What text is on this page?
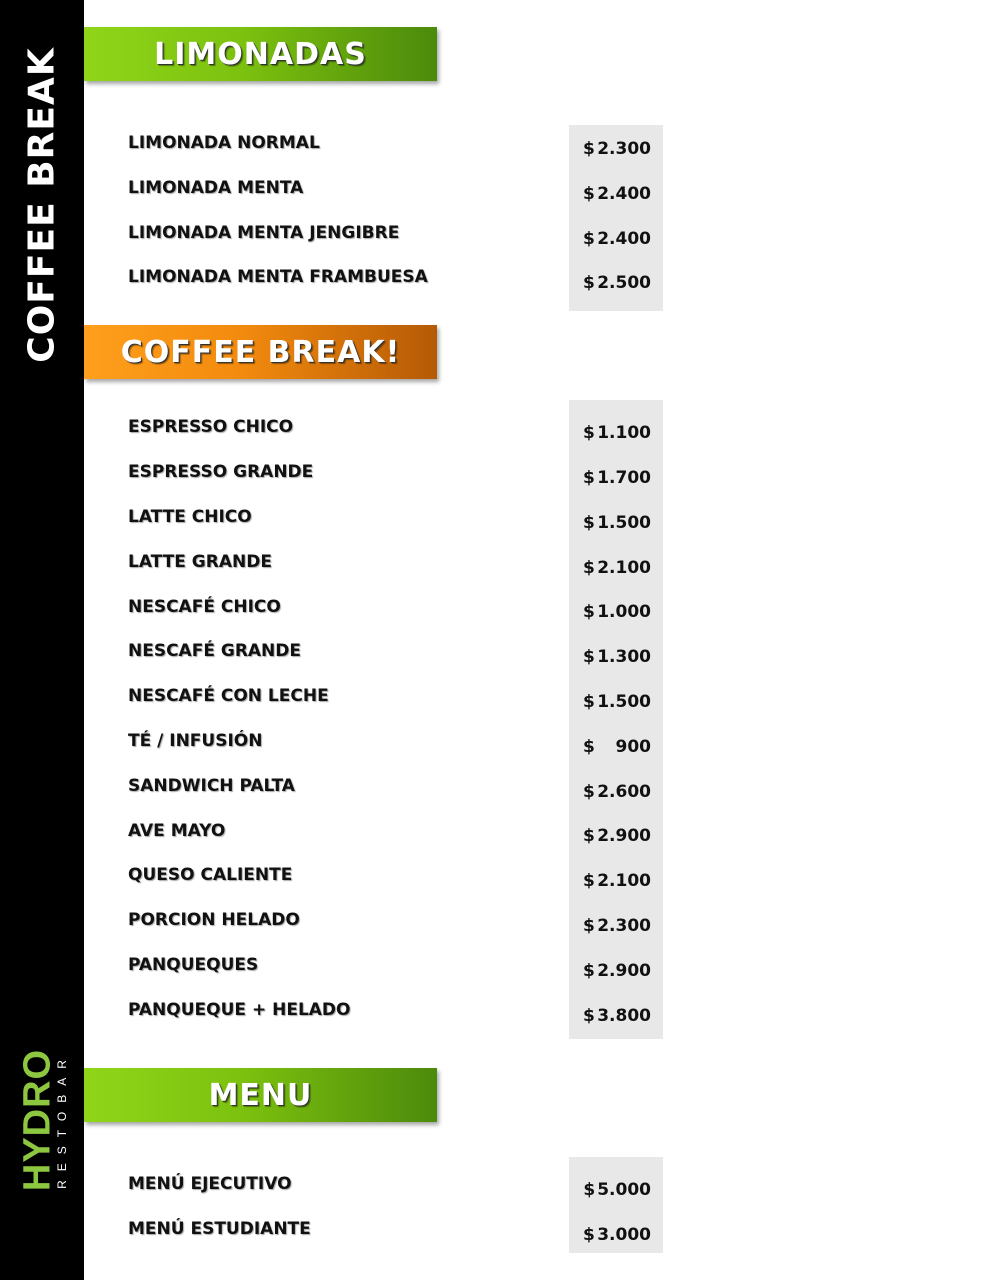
COFFEE BREAK
HYDRO
RESTOBAR
LIMONADAS
LIMONADA NORMAL	$ 2.300
LIMONADA MENTA	$ 2.400
LIMONADA MENTA JENGIBRE	$ 2.400
LIMONADA MENTA FRAMBUESA	$ 2.500
COFFEE BREAK!
ESPRESSO CHICO	$ 1.100
ESPRESSO GRANDE	$ 1.700
LATTE CHICO	$ 1.500
LATTE GRANDE	$ 2.100
NESCAFÉ CHICO	$ 1.000
NESCAFÉ GRANDE	$ 1.300
NESCAFÉ CON LECHE	$ 1.500
TÉ / INFUSIÓN	$ 900
SANDWICH PALTA	$ 2.600
AVE MAYO	$ 2.900
QUESO CALIENTE	$ 2.100
PORCION HELADO	$ 2.300
PANQUEQUES	$ 2.900
PANQUEQUE + HELADO	$ 3.800
MENU
MENÚ EJECUTIVO	$ 5.000
MENÚ ESTUDIANTE	$ 3.000
